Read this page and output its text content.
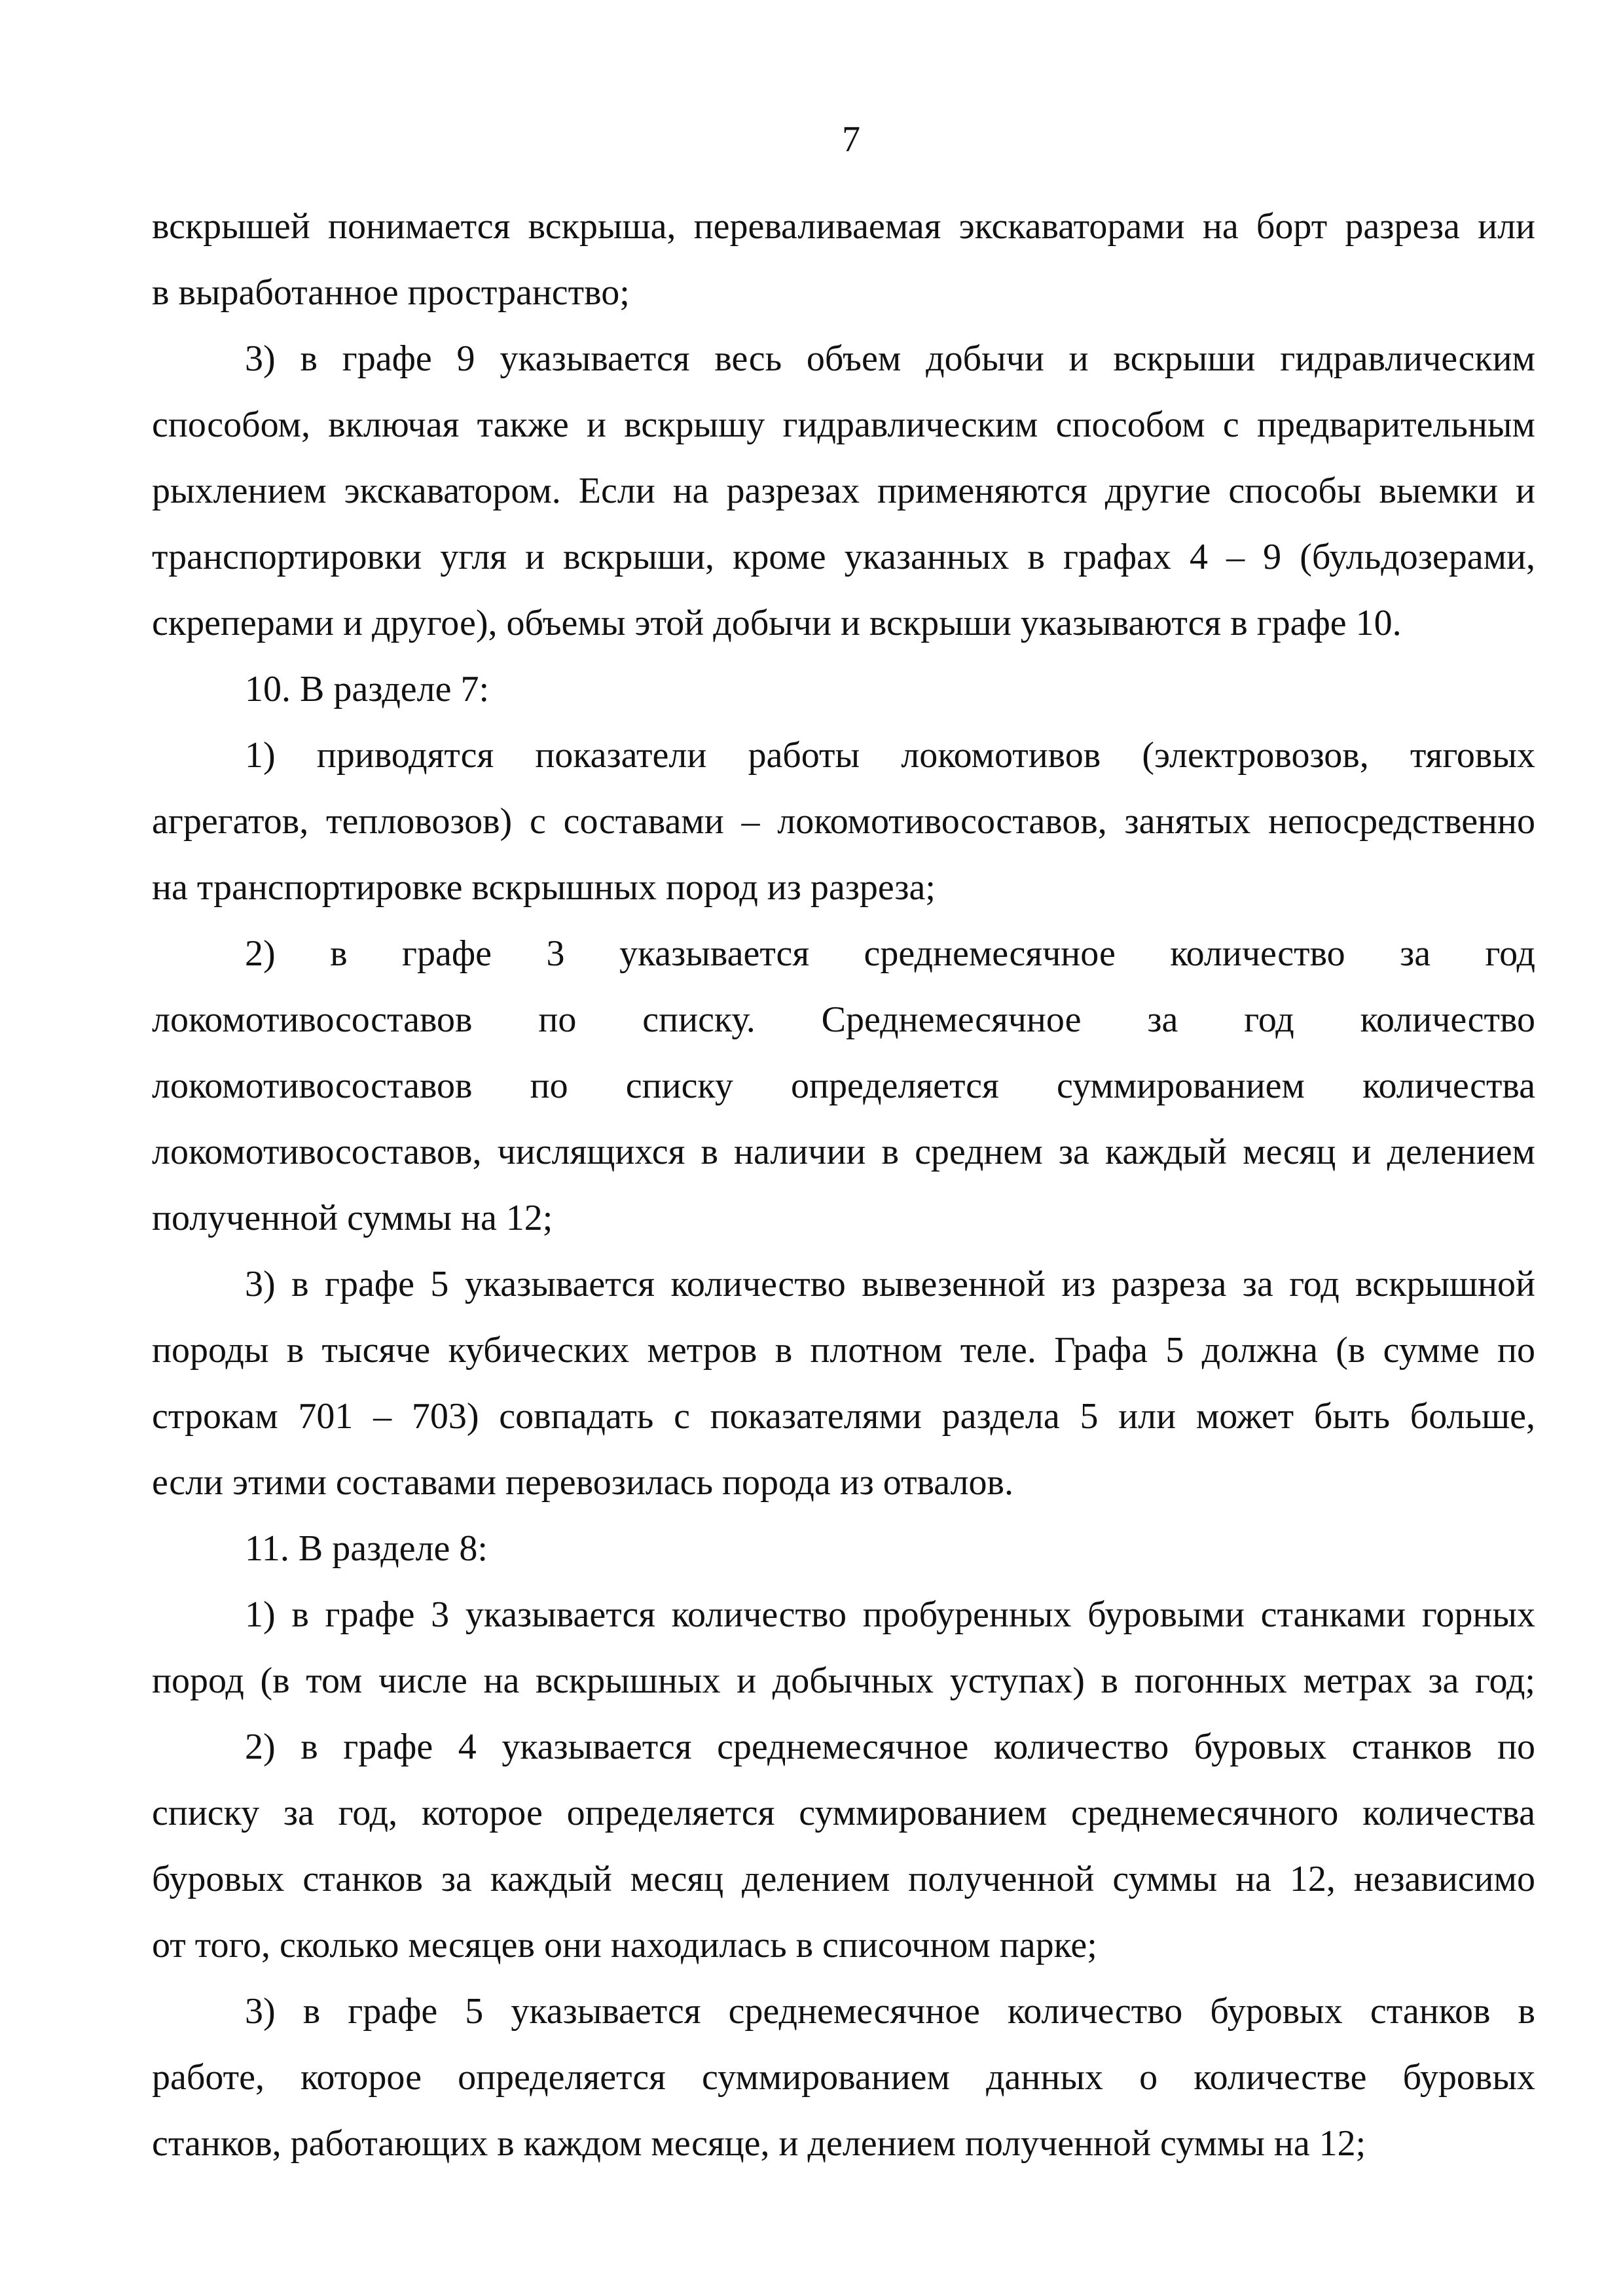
7
вскрышей понимается вскрыша, переваливаемая экскаваторами на борт разреза или
в выработанное пространство;
3) в графе 9 указывается весь объем добычи и вскрыши гидравлическим
способом, включая также и вскрышу гидравлическим способом с предварительным
рыхлением экскаватором. Если на разрезах применяются другие способы выемки и
транспортировки угля и вскрыши, кроме указанных в графах 4 – 9 (бульдозерами,
скреперами и другое), объемы этой добычи и вскрыши указываются в графе 10.
10. В разделе 7:
1) приводятся показатели работы локомотивов (электровозов, тяговых
агрегатов, тепловозов) с составами – локомотивосоставов, занятых непосредственно
на транспортировке вскрышных пород из разреза;
2) в графе 3 указывается среднемесячное количество за год
локомотивосоставов по списку. Среднемесячное за год количество
локомотивосоставов по списку определяется суммированием количества
локомотивосоставов, числящихся в наличии в среднем за каждый месяц и делением
полученной суммы на 12;
3) в графе 5 указывается количество вывезенной из разреза за год вскрышной
породы в тысяче кубических метров в плотном теле. Графа 5 должна (в сумме по
строкам 701 – 703) совпадать с показателями раздела 5 или может быть больше,
если этими составами перевозилась порода из отвалов.
11. В разделе 8:
1) в графе 3 указывается количество пробуренных буровыми станками горных
пород (в том числе на вскрышных и добычных уступах) в погонных метрах за год;
2) в графе 4 указывается среднемесячное количество буровых станков по
списку за год, которое определяется суммированием среднемесячного количества
буровых станков за каждый месяц делением полученной суммы на 12, независимо
от того, сколько месяцев они находилась в списочном парке;
3) в графе 5 указывается среднемесячное количество буровых станков в
работе, которое определяется суммированием данных о количестве буровых
станков, работающих в каждом месяце, и делением полученной суммы на 12;
